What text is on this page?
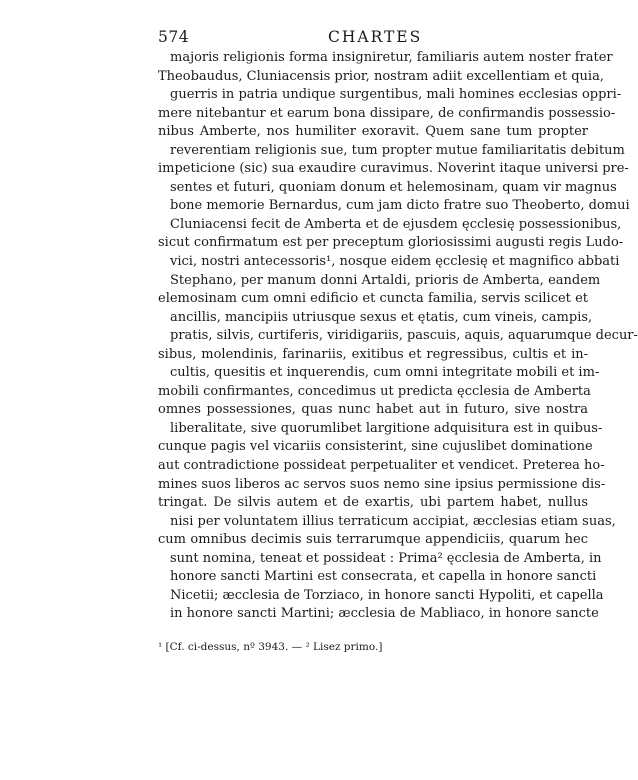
574	CHARTES
majoris religionis forma insigniretur, familiaris autem noster frater
Theobaudus, Cluniacensis prior, nostram adiit excellentiam et quia,
guerris in patria undique surgentibus, mali homines ecclesias oppri-
mere nitebantur et earum bona dissipare, de confirmandis possessio-
nibus Amberte, nos humiliter exoravit. Quem sane tum propter
reverentiam religionis sue, tum propter mutue familiaritatis debitum
impeticione (sic) sua exaudire curavimus. Noverint itaque universi pre-
sentes et futuri, quoniam donum et helemosinam, quam vir magnus
bone memorie Bernardus, cum jam dicto fratre suo Theoberto, domui
Cluniacensi fecit de Amberta et de ejusdem ęcclesię possessionibus,
sicut confirmatum est per preceptum gloriosissimi augusti regis Ludo-
vici, nostri antecessoris¹, nosque eidem ęcclesię et magnifico abbati
Stephano, per manum donni Artaldi, prioris de Amberta, eandem
elemosinam cum omni edificio et cuncta familia, servis scilicet et
ancillis, mancipiis utriusque sexus et ętatis, cum vineis, campis,
pratis, silvis, curtiferis, viridigariis, pascuis, aquis, aquarumque decur-
sibus, molendinis, farinariis, exitibus et regressibus, cultis et in-
cultis, quesitis et inquerendis, cum omni integritate mobili et im-
mobili confirmantes, concedimus ut predicta ęcclesia de Amberta
omnes possessiones, quas nunc habet aut in futuro, sive nostra
liberalitate, sive quorumlibet largitione adquisitura est in quibus-
cunque pagis vel vicariis consisterint, sine cujuslibet dominatione
aut contradictione possideat perpetualiter et vendicet. Preterea ho-
mines suos liberos ac servos suos nemo sine ipsius permissione dis-
tringat. De silvis autem et de exartis, ubi partem habet, nullus
nisi per voluntatem illius terraticum accipiat, æcclesias etiam suas,
cum omnibus decimis suis terrarumque appendiciis, quarum hec
sunt nomina, teneat et possideat : Prima² ęcclesia de Amberta, in
honore sancti Martini est consecrata, et capella in honore sancti
Nicetii; æcclesia de Torziaco, in honore sancti Hypoliti, et capella
in honore sancti Martini; æcclesia de Mabliaco, in honore sancte
¹ [Cf. ci-dessus, nº 3943. — ² Lisez primo.]
